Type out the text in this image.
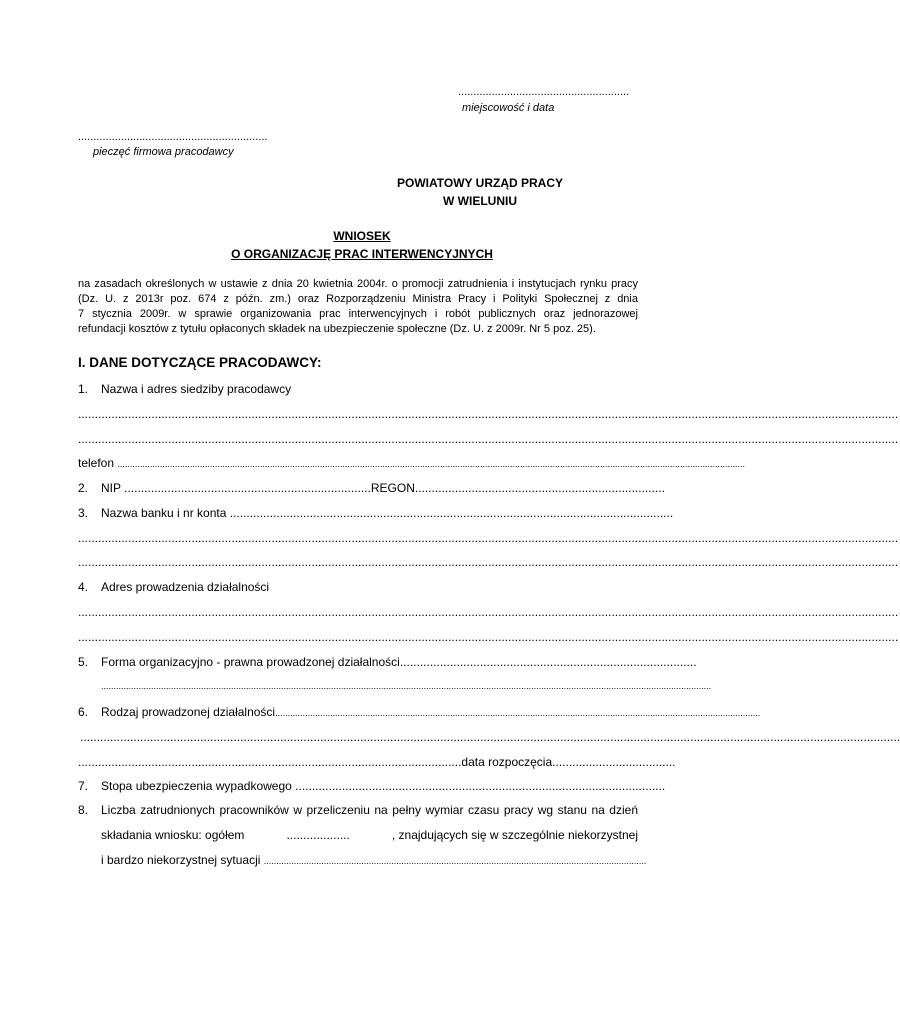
........................................................
miejscowość i data
..............................................................
pieczęć firmowa pracodawcy
POWIATOWY URZĄD PRACY
W WIELUNIU
WNIOSEK
O ORGANIZACJĘ PRAC INTERWENCYJNYCH
na zasadach określonych w ustawie z dnia 20 kwietnia 2004r. o promocji zatrudnienia i instytucjach rynku pracy
(Dz. U. z 2013r poz. 674 z późn. zm.) oraz Rozporządzeniu Ministra Pracy i Polityki Społecznej z dnia
7 stycznia 2009r. w sprawie organizowania prac interwencyjnych i robót publicznych oraz jednorazowej
refundacji kosztów z tytułu opłaconych składek na ubezpieczenie społeczne (Dz. U. z 2009r. Nr 5 poz. 25).
I. DANE DOTYCZĄCE PRACODAWCY:
1. Nazwa i adres siedziby pracodawcy
......................................................................................................................................................................................................................................................
......................................................................................................................................................................................................................................................
telefon ...........................................................................................................................................................................................................................................................
2. NIP ..........................................................................REGON...........................................................................
3. Nazwa banku i nr konta .....................................................................................................................................
......................................................................................................................................................................................................................................................
......................................................................................................................................................................................................................................................
4. Adres prowadzenia działalności
......................................................................................................................................................................................................................................................
......................................................................................................................................................................................................................................................
5. Forma organizacyjno - prawna prowadzonej działalności.........................................................................................
....................................................................................................................................................................................................................................................
6. Rodzaj prowadzonej działalności..................................................................................................................................................................................................
......................................................................................................................................................................................................................................................
...................................................................................................................data rozpoczęcia.....................................
7. Stopa ubezpieczenia wypadkowego ...............................................................................................................
8.	Liczba zatrudnionych pracowników w przeliczeniu na pełny wymiar czasu pracy wg stanu na dzień
składania wniosku: ogółem	...................	, znajdujących się w szczególnie niekorzystnej
i bardzo niekorzystnej sytuacji .........................................................................................................................................................
